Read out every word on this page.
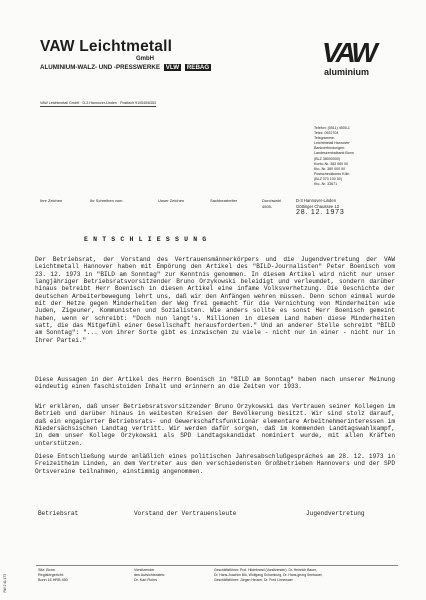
VAW Leichtmetall
GmbH
ALUMINIUM-WALZ- UND -PRESSWERKE VLW REBAG	VAW
aluminium
VAW Leichtmetall GmbH · D-3 Hannover-Linden · Postfach 910540/6353
Telefon: (0511) 4505-1
Telex: 0922704
Telegramme:
Leichtmetall Hannover
Bankverbindungen:
Landeszentralbank Bonn
(BLZ 38000000)
Konto-Nr. 383 060 00
Kto.-Nr. 380 000 00
Postscheckkonto Köln
(BLZ 370 100 50)
Kto.-Nr. 33671
Ihre Zeichen	Ihr Schreiben vom	Unser Zeichen	Sachbearbeiter	Durchwahl
4505-
D-3 Hannover-Linden
Göttinger Chaussee 12
28. 12. 1973
ENTSCHLIESSUNG
Der Betriebsrat, der Vorstand des Vertrauensmännerkörpers und die Jugendvertretung der VAW Leichtmetall Hannover haben mit Empörung den Artikel des "BILD-Journalisten" Peter Boenisch vom 23. 12. 1973 in "BILD am Sonntag" zur Kenntnis genommen. In diesem Artikel wird nicht nur unser langjähriger Betriebsratsvorsitzender Bruno Orzykowski beleidigt und verleumdet, sondern darüber hinaus betreibt Herr Boenisch in diesen Artikel eine infame Volksverhetzung. Die Geschichte der deutschen Arbeiterbewegung lehrt uns, daß wir den Anfängen wehren müssen. Denn schon einmal wurde mit der Hetze gegen Minderheiten der Weg frei gemacht für die Vernichtung von Minderheiten wie Juden, Zigeuner, Kommunisten und Sozialisten. Wie anders sollte es sonst Herr Boenisch gemeint haben, wenn er schreibt: "Doch nun langt's. Millionen in diesem Land haben diese Minderheiten satt, die das Mitgefühl einer Gesellschaft herausforderten." Und an anderer Stelle schreibt "BILD am Sonntag": "... von ihrer Sorte gibt es inzwischen zu viele - nicht nur in einer - nicht nur in Ihrer Partei."
Diese Aussagen in der Artikel des Herrn Boenisch in "BILD am Sonntag" haben nach unserer Meinung eindeutig einen faschistoiden Inhalt und erinnern an die Zeiten vor 1933.
Wir erklären, daß unser Betriebsratsvorsitzender Bruno Orzykowski das Vertrauen seiner Kollegen im Betrieb und darüber hinaus in weitesten Kreisen der Bevölkerung besitzt. Wir sind stolz darauf, daß ein engagierter Betriebsrats- und Gewerkschaftsfunktionär elementare Arbeitnehmerinteressen im Niedersächsischen Landtag vertritt. Wir werden dafür sorgen, daß im kommenden Landtagswahlkampf, in dem unser Kollege Orzykowski als SPD Landtagskandidat nominiert wurde, mit allen Kräften unterstützen.
Diese Entschließung wurde anläßlich eines politischen Jahresabschlußgespräches am 28. 12. 1973 in Freizeitheim Linden, an dem Vertreter aus den verschiedensten Großbetrieben Hannovers und der SPD Ortsvereine teilnahmen, einstimmig angenommen.
Betriebsrat	Vorstand der Vertrauensleute	Jugendvertretung
RW 2 41 173
Sitz: Bonn
Registergericht:
Bonn 16 HRB 450
Vorsitzender
des Aufsichtsrates:
Dr. Karl Rohrs
Geschäftsführer: Prof. Hildebrand (Vorsitzender), Dr. Heinrich Bauer,
Dr. Hans-Joachim Blö, Wolfgang Schomburg, Dr. Hans-georg Seebauer,
Geschäftsführer: Jürgen Heuser, Dr. Fred Linnewaer
